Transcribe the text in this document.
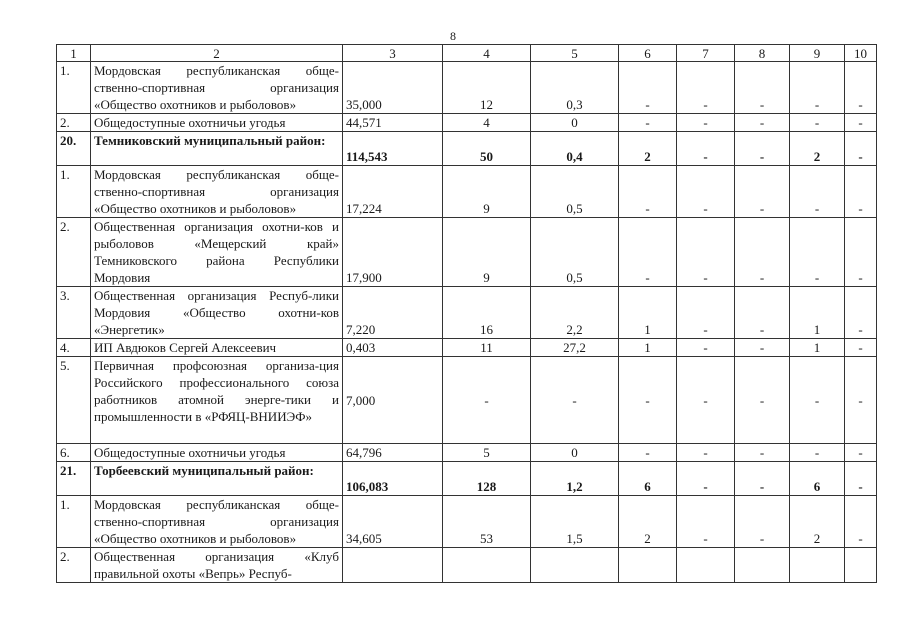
8
1	2	3	4	5	6	7	8	9	10
1.	Мордовская республиканская обще-ственно-спортивная организация «Общество охотников и рыболовов»	35,000	12	0,3	-	-	-	-	-
2.	Общедоступные охотничьи угодья	44,571	4	0	-	-	-	-	-
20.	Темниковский муниципальный район:	114,543	50	0,4	2	-	-	2	-
1.	Мордовская республиканская обще-ственно-спортивная организация «Общество охотников и рыболовов»	17,224	9	0,5	-	-	-	-	-
2.	Общественная организация охотни-ков и рыболовов «Мещерский край» Темниковского района Республики Мордовия	17,900	9	0,5	-	-	-	-	-
3.	Общественная организация Респуб-лики Мордовия «Общество охотни-ков «Энергетик»	7,220	16	2,2	1	-	-	1	-
4.	ИП Авдюков Сергей Алексеевич	0,403	11	27,2	1	-	-	1	-
5.	Первичная профсоюзная организа-ция Российского профессионального союза работников атомной энерге-тики и промышленности в «РФЯЦ-ВНИИЭФ»	7,000	-	-	-	-	-	-	-
6.	Общедоступные охотничьи угодья	64,796	5	0	-	-	-	-	-
21.	Торбеевский муниципальный район:	106,083	128	1,2	6	-	-	6	-
1.	Мордовская республиканская обще-ственно-спортивная организация «Общество охотников и рыболовов»	34,605	53	1,5	2	-	-	2	-
2.	Общественная организация «Клуб правильной охоты «Вепрь» Респуб-								
